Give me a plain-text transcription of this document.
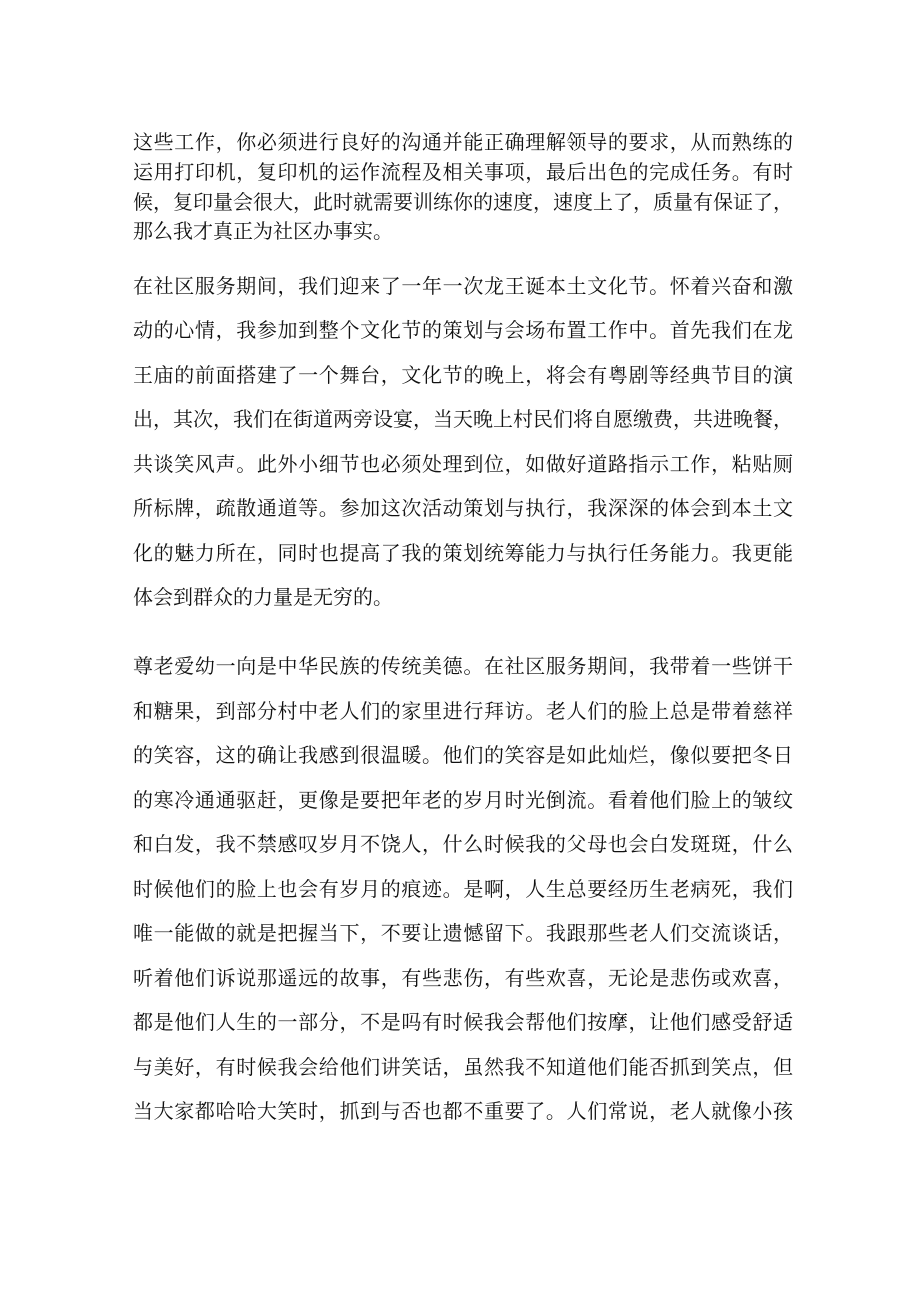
这些工作，你必须进行良好的沟通并能正确理解领导的要求，从而熟练的
运用打印机，复印机的运作流程及相关事项，最后出色的完成任务。有时
候，复印量会很大，此时就需要训练你的速度，速度上了，质量有保证了，
那么我才真正为社区办事实。
在社区服务期间，我们迎来了一年一次龙王诞本土文化节。怀着兴奋和激
动的心情，我参加到整个文化节的策划与会场布置工作中。首先我们在龙
王庙的前面搭建了一个舞台，文化节的晚上，将会有粤剧等经典节目的演
出，其次，我们在街道两旁设宴，当天晚上村民们将自愿缴费，共进晚餐，
共谈笑风声。此外小细节也必须处理到位，如做好道路指示工作，粘贴厕
所标牌，疏散通道等。参加这次活动策划与执行，我深深的体会到本土文
化的魅力所在，同时也提高了我的策划统筹能力与执行任务能力。我更能
体会到群众的力量是无穷的。
尊老爱幼一向是中华民族的传统美德。在社区服务期间，我带着一些饼干
和糖果，到部分村中老人们的家里进行拜访。老人们的脸上总是带着慈祥
的笑容，这的确让我感到很温暖。他们的笑容是如此灿烂，像似要把冬日
的寒冷通通驱赶，更像是要把年老的岁月时光倒流。看着他们脸上的皱纹
和白发，我不禁感叹岁月不饶人，什么时候我的父母也会白发斑斑，什么
时候他们的脸上也会有岁月的痕迹。是啊，人生总要经历生老病死，我们
唯一能做的就是把握当下，不要让遗憾留下。我跟那些老人们交流谈话，
听着他们诉说那遥远的故事，有些悲伤，有些欢喜，无论是悲伤或欢喜，
都是他们人生的一部分，不是吗有时候我会帮他们按摩，让他们感受舒适
与美好，有时候我会给他们讲笑话，虽然我不知道他们能否抓到笑点，但
当大家都哈哈大笑时，抓到与否也都不重要了。人们常说，老人就像小孩
